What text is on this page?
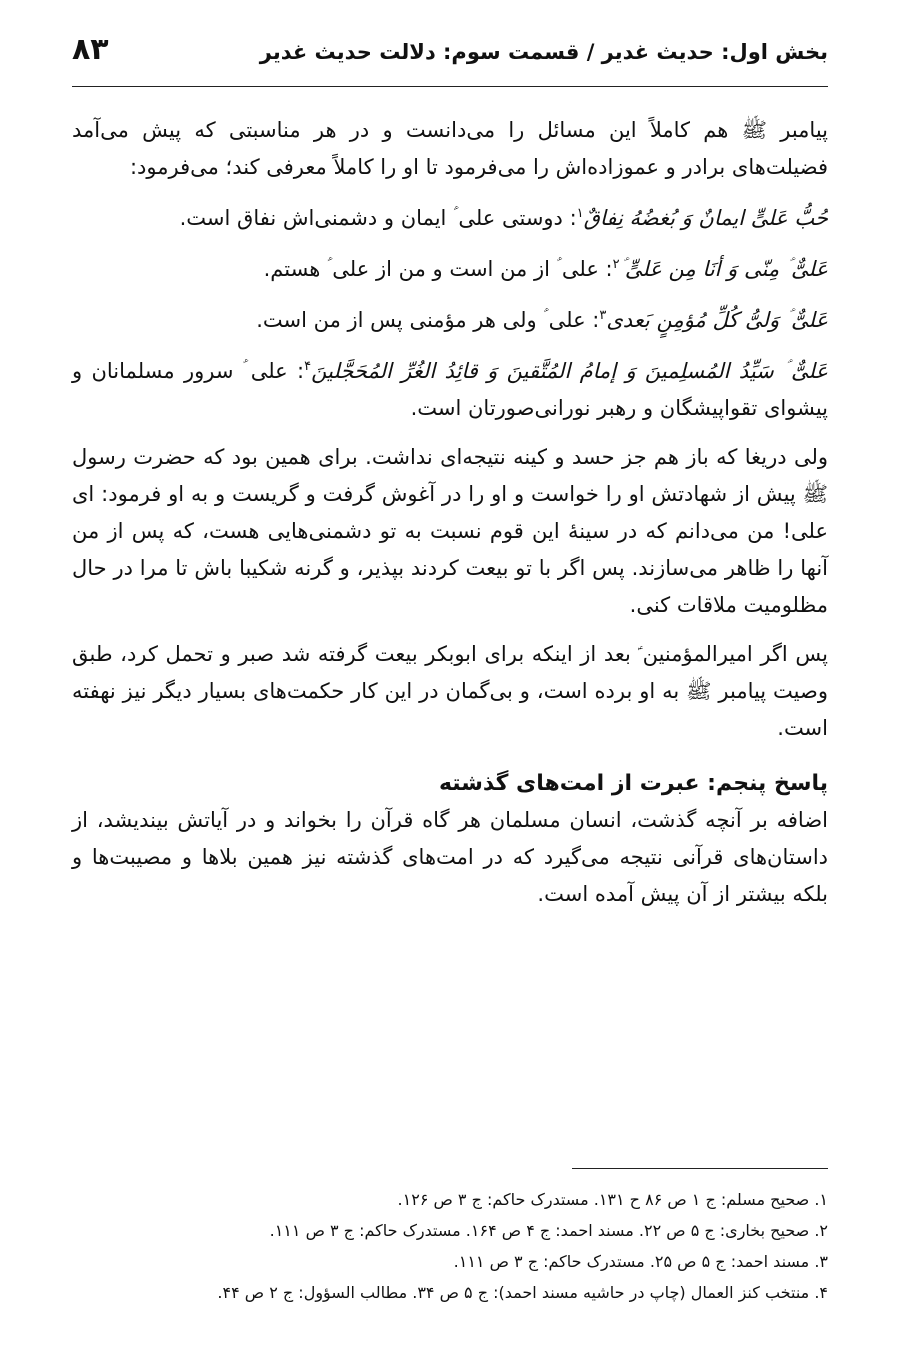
بخش اول: حدیث غدیر / قسمت سوم: دلالت حدیث غدیر
۸۳

پیامبر ﷺ هم کاملاً این مسائل را می‌دانست و در هر مناسبتی که پیش می‌آمد فضیلت‌های برادر و عموزاده‌اش را می‌فرمود تا او را کاملاً معرفی کند؛ می‌فرمود:

حُبُّ عَلیٍّ ایمانٌ وَ بُغضُهُ نِفاقٌ$^۱$: دوستی علی ؑ ایمان و دشمنی‌اش نفاق است.

عَلیٌّ ؑ مِنّی وَ أنَا مِن عَلیٍّ ؑ$^۲$: علی ؑ از من است و من از علی ؑ هستم.

عَلیٌّ ؑ وَلیُّ کُلِّ مُؤمِنٍ بَعدی$^۳$: علی ؑ ولی هر مؤمنی پس از من است.

عَلیٌّ ؑ سَیِّدُ المُسلِمینَ وَ إمامُ المُتَّقینَ وَ قائِدُ الغُرِّ المُحَجَّلینَ$^۴$: علی ؑ سرور مسلمانان و پیشوای تقواپیشگان و رهبر نورانی‌صورتان است.

ولی دریغا که باز هم جز حسد و کینه نتیجه‌ای نداشت. برای همین بود که حضرت رسول ﷺ پیش از شهادتش او را خواست و او را در آغوش گرفت و گریست و به او فرمود: ای علی! من می‌دانم که در سینهٔ این قوم نسبت به تو دشمنی‌هایی هست، که پس از من آنها را ظاهر می‌سازند. پس اگر با تو بیعت کردند بپذیر، و گرنه شکیبا باش تا مرا در حال مظلومیت ملاقات کنی.

پس اگر امیرالمؤمنین ؑ بعد از اینکه برای ابوبکر بیعت گرفته شد صبر و تحمل کرد، طبق وصیت پیامبر ﷺ به او برده است، و بی‌گمان در این کار حکمت‌های بسیار دیگر نیز نهفته است.

پاسخ پنجم: عبرت از امت‌های گذشته

اضافه بر آنچه گذشت، انسان مسلمان هر گاه قرآن را بخواند و در آیاتش بیندیشد، از داستان‌های قرآنی نتیجه می‌گیرد که در امت‌های گذشته نیز همین بلاها و مصیبت‌ها و بلکه بیشتر از آن پیش آمده است.

۱. صحیح مسلم: ج ۱ ص ۸۶ ح ۱۳۱. مستدرک حاکم: ج ۳ ص ۱۲۶.

۲. صحیح بخاری: ج ۵ ص ۲۲. مسند احمد: ج ۴ ص ۱۶۴. مستدرک حاکم: ج ۳ ص ۱۱۱.

۳. مسند احمد: ج ۵ ص ۲۵. مستدرک حاکم: ج ۳ ص ۱۱۱.

۴. منتخب کنز العمال (چاپ در حاشیه مسند احمد): ج ۵ ص ۳۴. مطالب السؤول: ج ۲ ص ۴۴.
